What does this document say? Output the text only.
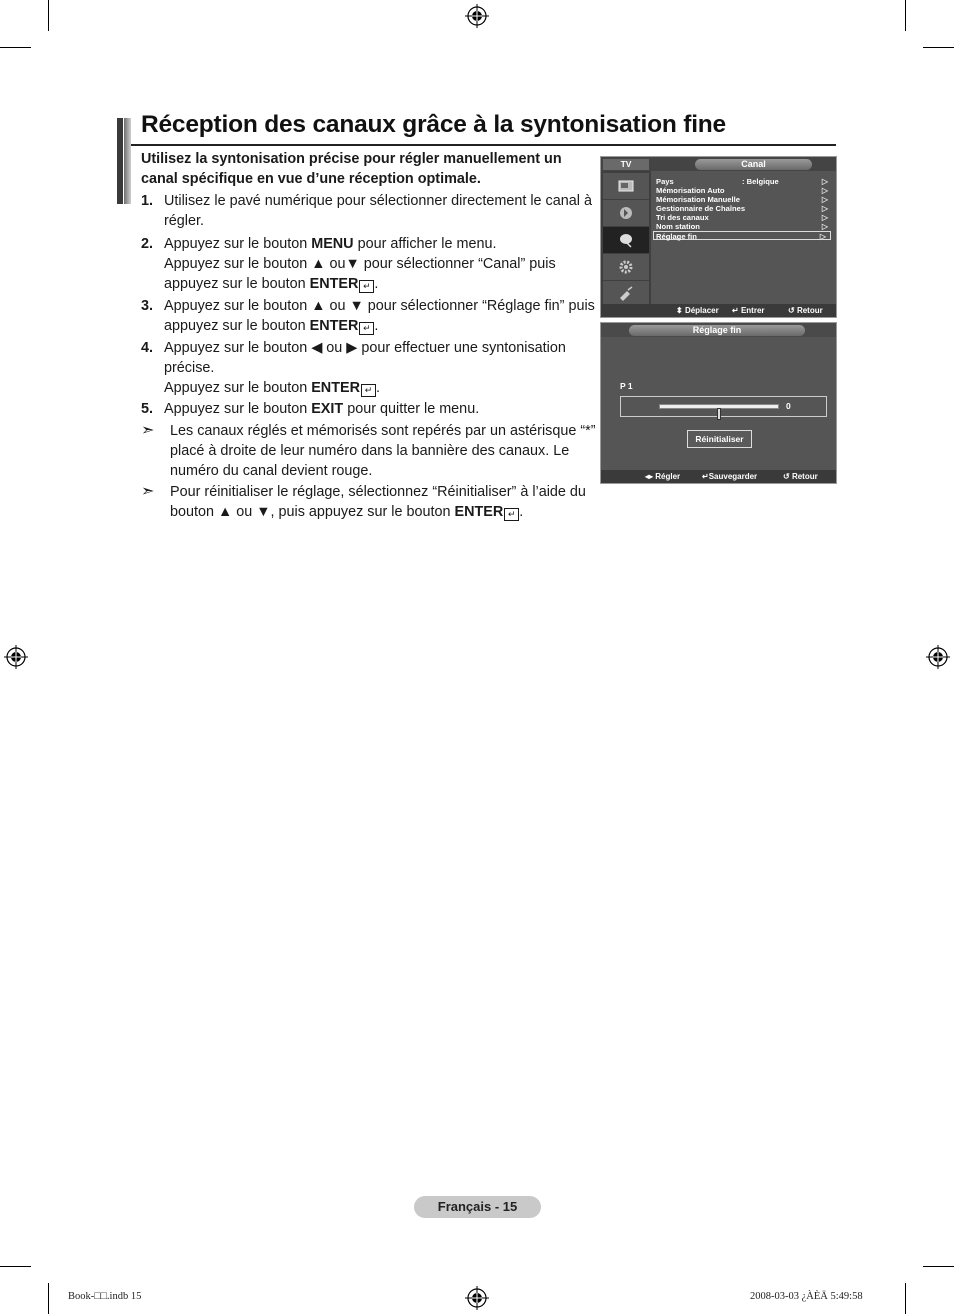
Réception des canaux grâce à la syntonisation fine
Utilisez la syntonisation précise pour régler manuellement un canal spécifique en vue d’une réception optimale.
1. Utilisez le pavé numérique pour sélectionner directement le canal à régler.
2. Appuyez sur le bouton MENU pour afficher le menu.
Appuyez sur le bouton ▲ ou▼ pour sélectionner “Canal” puis appuyez sur le bouton ENTER ↵ .
3. Appuyez sur le bouton ▲ ou ▼ pour sélectionner “Réglage fin” puis appuyez sur le bouton ENTER ↵ .
4. Appuyez sur le bouton ◀ ou ▶ pour effectuer une syntonisation précise.
Appuyez sur le bouton ENTER ↵ .
5. Appuyez sur le bouton EXIT pour quitter le menu.
➣ Les canaux réglés et mémorisés sont repérés par un astérisque “*” placé à droite de leur numéro dans la bannière des canaux. Le numéro du canal devient rouge.
➣ Pour réinitialiser le réglage, sélectionnez “Réinitialiser” à l’aide du bouton ▲ ou ▼, puis appuyez sur le bouton ENTER ↵ .
TV	Canal
Pays	: Belgique	▷
Mémorisation Auto	▷
Mémorisation Manuelle	▷
Gestionnaire de Chaînes	▷
Tri des canaux	▷
Nom station	▷
Réglage fin	▷
⬍ Déplacer ↵ Entrer	↺ Retour
Réglage fin
P 1
0
Réinitialiser
◂▸ Régler	↵Sauvegarder	↺ Retour
Français - 15
Book-□□.indb 15	2008-03-03 ¿ÀÈÄ 5:49:58
